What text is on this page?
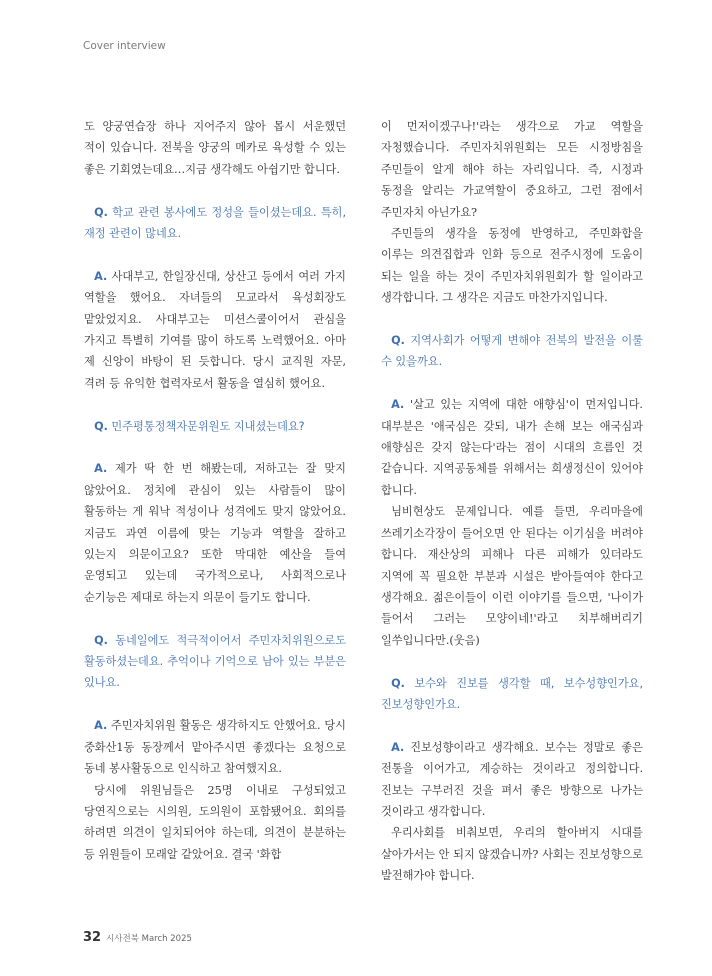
Cover interview

도 양궁연습장 하나 지어주지 않아 몹시 서운했던 적이 있습니다. 전북을 양궁의 메카로 육성할 수 있는 좋은 기회였는데요…지금 생각해도 아쉽기만 합니다.

Q. 학교 관련 봉사에도 정성을 들이셨는데요. 특히, 재정 관련이 많네요.

A. 사대부고, 한일장신대, 상산고 등에서 여러 가지 역할을 했어요. 자녀들의 모교라서 육성회장도 맡았었지요. 사대부고는 미션스쿨이어서 관심을 가지고 특별히 기여를 많이 하도록 노력했어요. 아마 제 신앙이 바탕이 된 듯합니다. 당시 교직원 자문, 격려 등 유익한 협력자로서 활동을 열심히 했어요.

Q. 민주평통정책자문위원도 지내셨는데요?

A. 제가 딱 한 번 해봤는데, 저하고는 잘 맞지 않았어요. 정치에 관심이 있는 사람들이 많이 활동하는 게 워낙 적성이나 성격에도 맞지 않았어요. 지금도 과연 이름에 맞는 기능과 역할을 잘하고 있는지 의문이고요? 또한 막대한 예산을 들여 운영되고 있는데 국가적으로나, 사회적으로나 순기능은 제대로 하는지 의문이 들기도 합니다.

Q. 동네일에도 적극적이어서 주민자치위원으로도 활동하셨는데요. 추억이나 기억으로 남아 있는 부분은 있나요.

A. 주민자치위원 활동은 생각하지도 안했어요. 당시 중화산1동 동장께서 맡아주시면 좋겠다는 요청으로 동네 봉사활동으로 인식하고 참여했지요.

당시에 위원님들은 25명 이내로 구성되었고 당연직으로는 시의원, 도의원이 포함됐어요. 회의를 하려면 의견이 일치되어야 하는데, 의견이 분분하는 등 위원들이 모래알 같았어요. 결국 '화합

이 먼저이겠구나!'라는 생각으로 가교 역할을 자청했습니다. 주민자치위원회는 모든 시정방침을 주민들이 알게 해야 하는 자리입니다. 즉, 시정과 동정을 알리는 가교역할이 중요하고, 그런 점에서 주민자치 아닌가요?

주민들의 생각을 동정에 반영하고, 주민화합을 이루는 의견집합과 인화 등으로 전주시정에 도움이 되는 일을 하는 것이 주민자치위원회가 할 일이라고 생각합니다. 그 생각은 지금도 마찬가지입니다.

Q. 지역사회가 어떻게 변해야 전북의 발전을 이룰 수 있을까요.

A. '살고 있는 지역에 대한 애향심'이 먼저입니다. 대부분은 '애국심은 갖되, 내가 손해 보는 애국심과 애향심은 갖지 않는다'라는 점이 시대의 흐름인 것 같습니다. 지역공동체를 위해서는 희생정신이 있어야 합니다.

님비현상도 문제입니다. 예를 들면, 우리마을에 쓰레기소각장이 들어오면 안 된다는 이기심을 버려야 합니다. 재산상의 피해나 다른 피해가 있더라도 지역에 꼭 필요한 부분과 시설은 받아들여야 한다고 생각해요. 젊은이들이 이런 이야기를 들으면, '나이가 들어서 그러는 모양이네!'라고 치부해버리기 일쑤입니다만.(웃음)

Q. 보수와 진보를 생각할 때, 보수성향인가요, 진보성향인가요.

A. 진보성향이라고 생각해요. 보수는 정말로 좋은 전통을 이어가고, 계승하는 것이라고 정의합니다. 진보는 구부러진 것을 펴서 좋은 방향으로 나가는 것이라고 생각합니다.

우리사회를 비춰보면, 우리의 할아버지 시대를 살아가서는 안 되지 않겠습니까? 사회는 진보성향으로 발전해가야 합니다.

32 시사전북 March 2025
